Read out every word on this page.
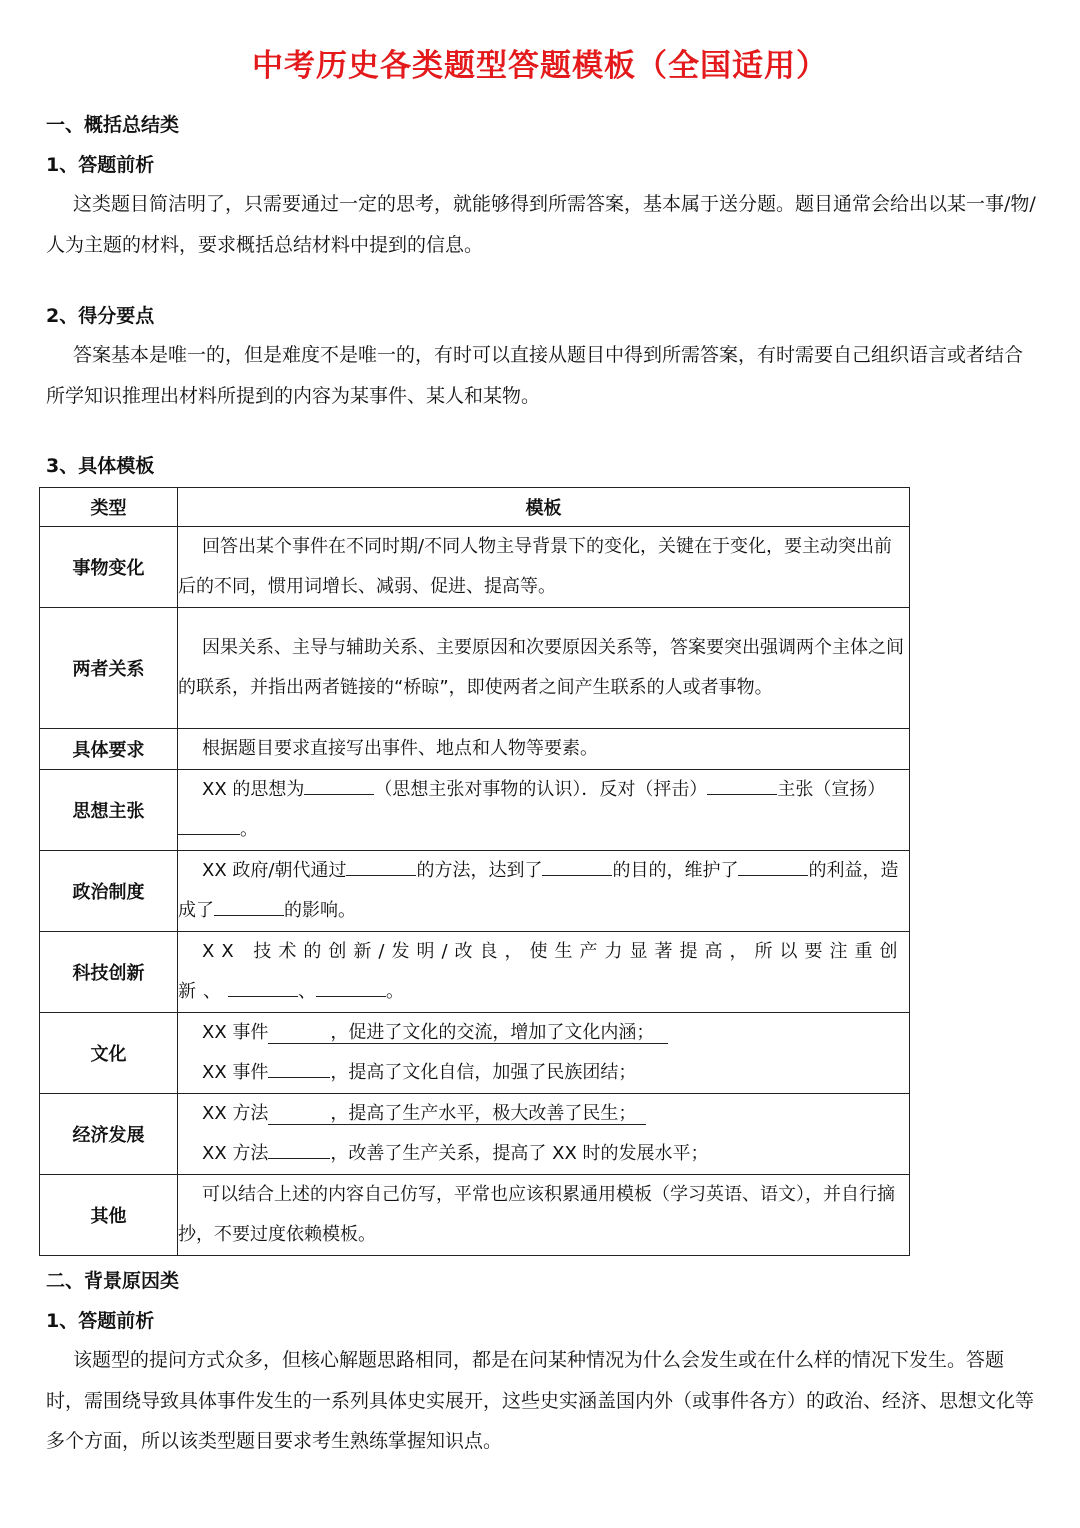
中考历史各类题型答题模板（全国适用）
一、概括总结类
1、答题前析
这类题目简洁明了，只需要通过一定的思考，就能够得到所需答案，基本属于送分题。题目通常会给出以某一事/物/人为主题的材料，要求概括总结材料中提到的信息。
2、得分要点
答案基本是唯一的，但是难度不是唯一的，有时可以直接从题目中得到所需答案，有时需要自己组织语言或者结合所学知识推理出材料所提到的内容为某事件、某人和某物。
3、具体模板
类型	模板
事物变化	回答出某个事件在不同时期/不同人物主导背景下的变化，关键在于变化，要主动突出前后的不同，惯用词增长、减弱、促进、提高等。
两者关系	因果关系、主导与辅助关系、主要原因和次要原因关系等，答案要突出强调两个主体之间的联系，并指出两者链接的“桥晾”，即使两者之间产生联系的人或者事物。
具体要求	根据题目要求直接写出事件、地点和人物等要素。
思想主张	XX 的思想为 （思想主张对事物的认识）．反对（抨击） 主张（宣扬）。
政治制度	XX 政府/朝代通过 的方法，达到了 的目的，维护了 的利益，造成了 的影响。
科技创新	XX 技术的创新/发明/改良，使生产力显著提高，所以要注重创新、 、 。
文化	XX 事件 ，促进了文化的交流，增加了文化内涵；
XX 事件 ，提高了文化自信，加强了民族团结；

经济发展	XX 方法 ，提高了生产水平，极大改善了民生；
XX 方法 ，改善了生产关系，提高了 XX 时的发展水平；

其他	可以结合上述的内容自己仿写，平常也应该积累通用模板（学习英语、语文），并自行摘抄，不要过度依赖模板。
二、背景原因类
1、答题前析
该题型的提问方式众多，但核心解题思路相同，都是在问某种情况为什么会发生或在什么样的情况下发生。答题时，需围绕导致具体事件发生的一系列具体史实展开，这些史实涵盖国内外（或事件各方）的政治、经济、思想文化等多个方面，所以该类型题目要求考生熟练掌握知识点。
